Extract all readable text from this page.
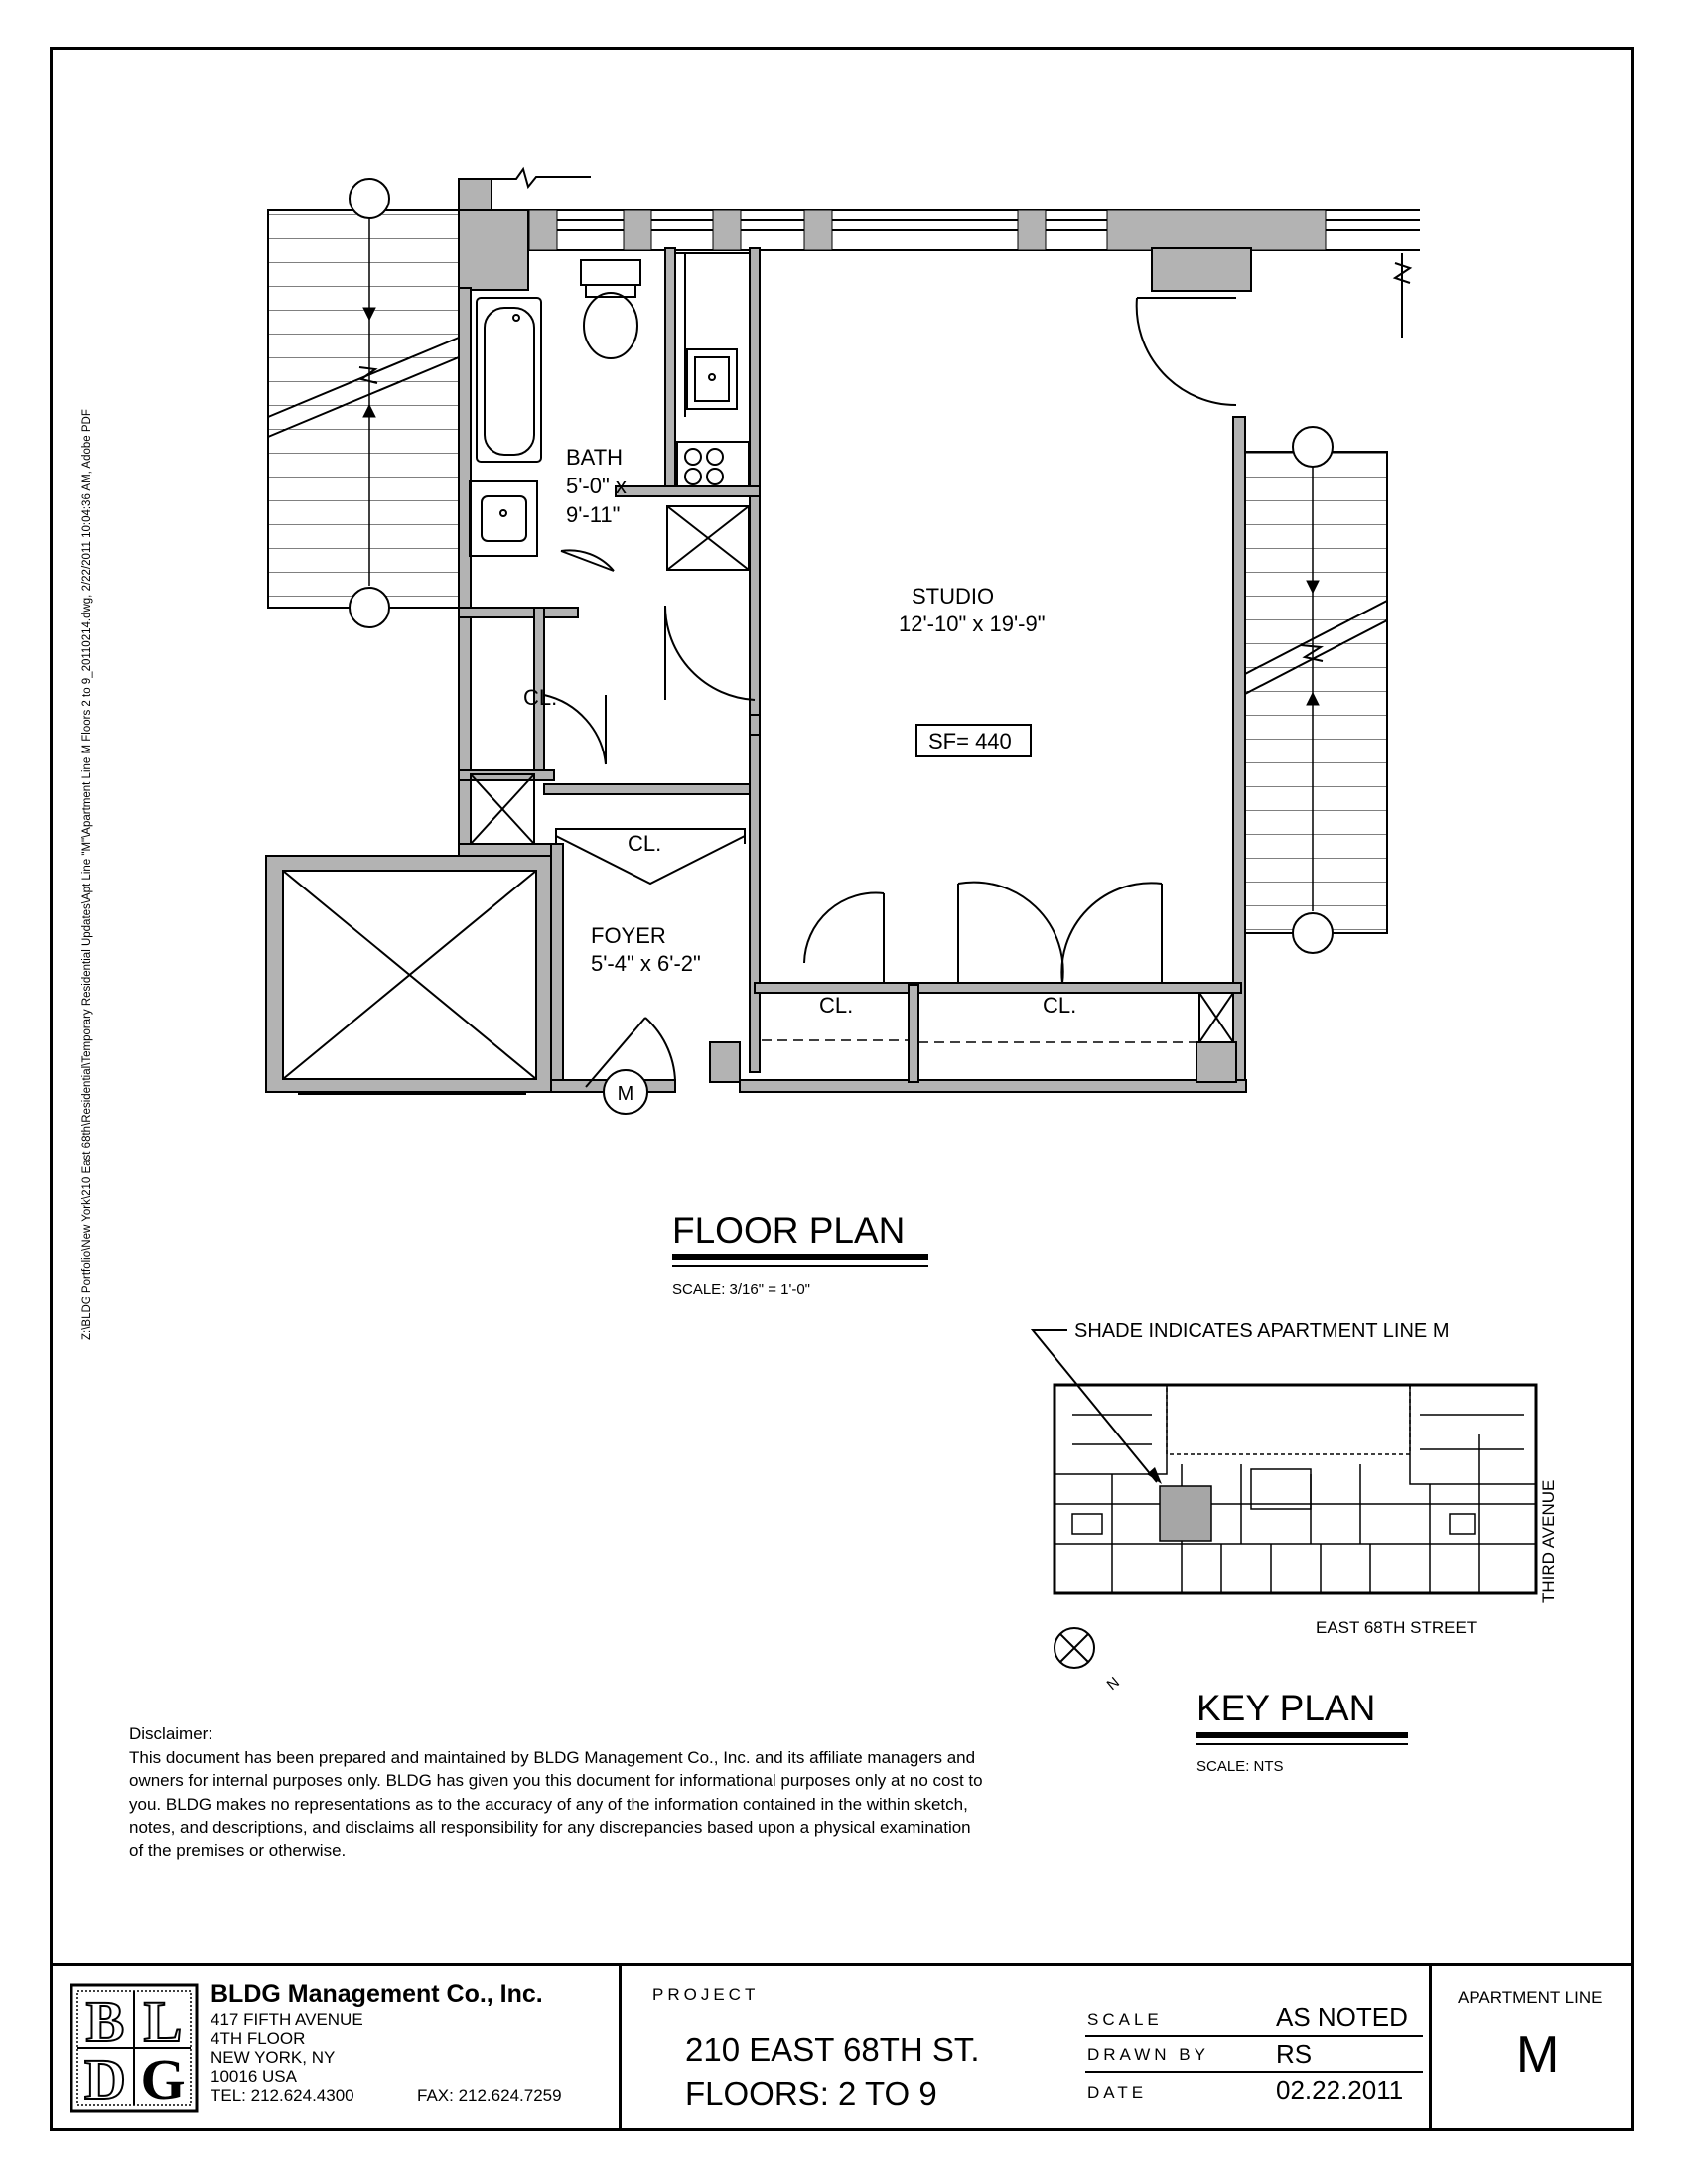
Z:\BLDG Portfolio\New York\210 East 68th\Residential\Temporary Residential Updates\Apt Line "M"\Apartment Line M Floors 2 to 9_20110214.dwg, 2/22/2011 10:04:36 AM, Adobe PDF	M
BATH
5'-0" x
9'-11"
STUDIO
12'-10" x 19'-9"
SF= 440
CL.
CL.
FOYER
5'-4" x 6'-2"
CL.	CL.
FLOOR PLAN
SCALE: 3/16" = 1'-0"
SHADE INDICATES APARTMENT LINE M
EAST 68TH STREET
THIRD AVENUE
N
KEY PLAN
SCALE: NTS
Disclaimer:
This document has been prepared and maintained by BLDG Management Co., Inc. and its affiliate managers and owners for internal purposes only. BLDG has given you this document for informational purposes only at no cost to you. BLDG makes no representations as to the accuracy of any of the information contained in the within sketch, notes, and descriptions, and disclaims all responsibility for any discrepancies based upon a physical examination of the premises or otherwise.
B L
D G
BLDG Management Co., Inc.
417 FIFTH AVENUE
4TH FLOOR
NEW YORK, NY
10016 USA
TEL: 212.624.4300	FAX: 212.624.7259
PROJECT
210 EAST 68TH ST.
FLOORS: 2 TO 9
SCALE	AS NOTED
DRAWN BY	RS
DATE	02.22.2011
APARTMENT LINE
M
